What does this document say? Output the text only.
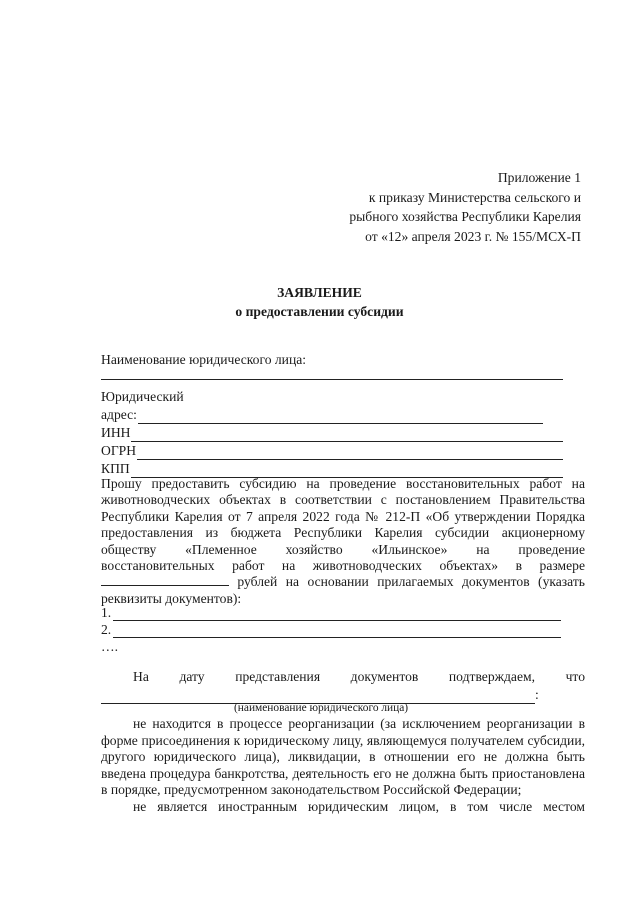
Приложение 1
к приказу Министерства сельского и
рыбного хозяйства Республики Карелия
от «12» апреля 2023 г. № 155/МСХ-П
ЗАЯВЛЕНИЕ
о предоставлении субсидии
Наименование юридического лица:
Юридический
адрес:
ИНН
ОГРН
КПП
Прошу предоставить субсидию на проведение восстановительных работ на
животноводческих объектах в соответствии с постановлением Правительства
Республики Карелия от 7 апреля 2022 года № 212-П «Об утверждении Порядка
предоставления из бюджета Республики Карелия субсидии акционерному
обществу «Племенное хозяйство «Ильинское» на проведение
восстановительных работ на животноводческих объектах» в размере
рублей на основании прилагаемых документов (указать
реквизиты документов):
1.
2.
….
На дату представления документов подтверждаем, что
:
(наименование юридического лица)

не находится в процессе реорганизации (за исключением реорганизации в форме присоединения к юридическому лицу, являющемуся получателем субсидии, другого юридического лица), ликвидации, в отношении его не должна быть введена процедура банкротства, деятельность его не должна быть приостановлена в порядке, предусмотренном законодательством Российской Федерации;

не является иностранным юридическим лицом, в том числе местом
